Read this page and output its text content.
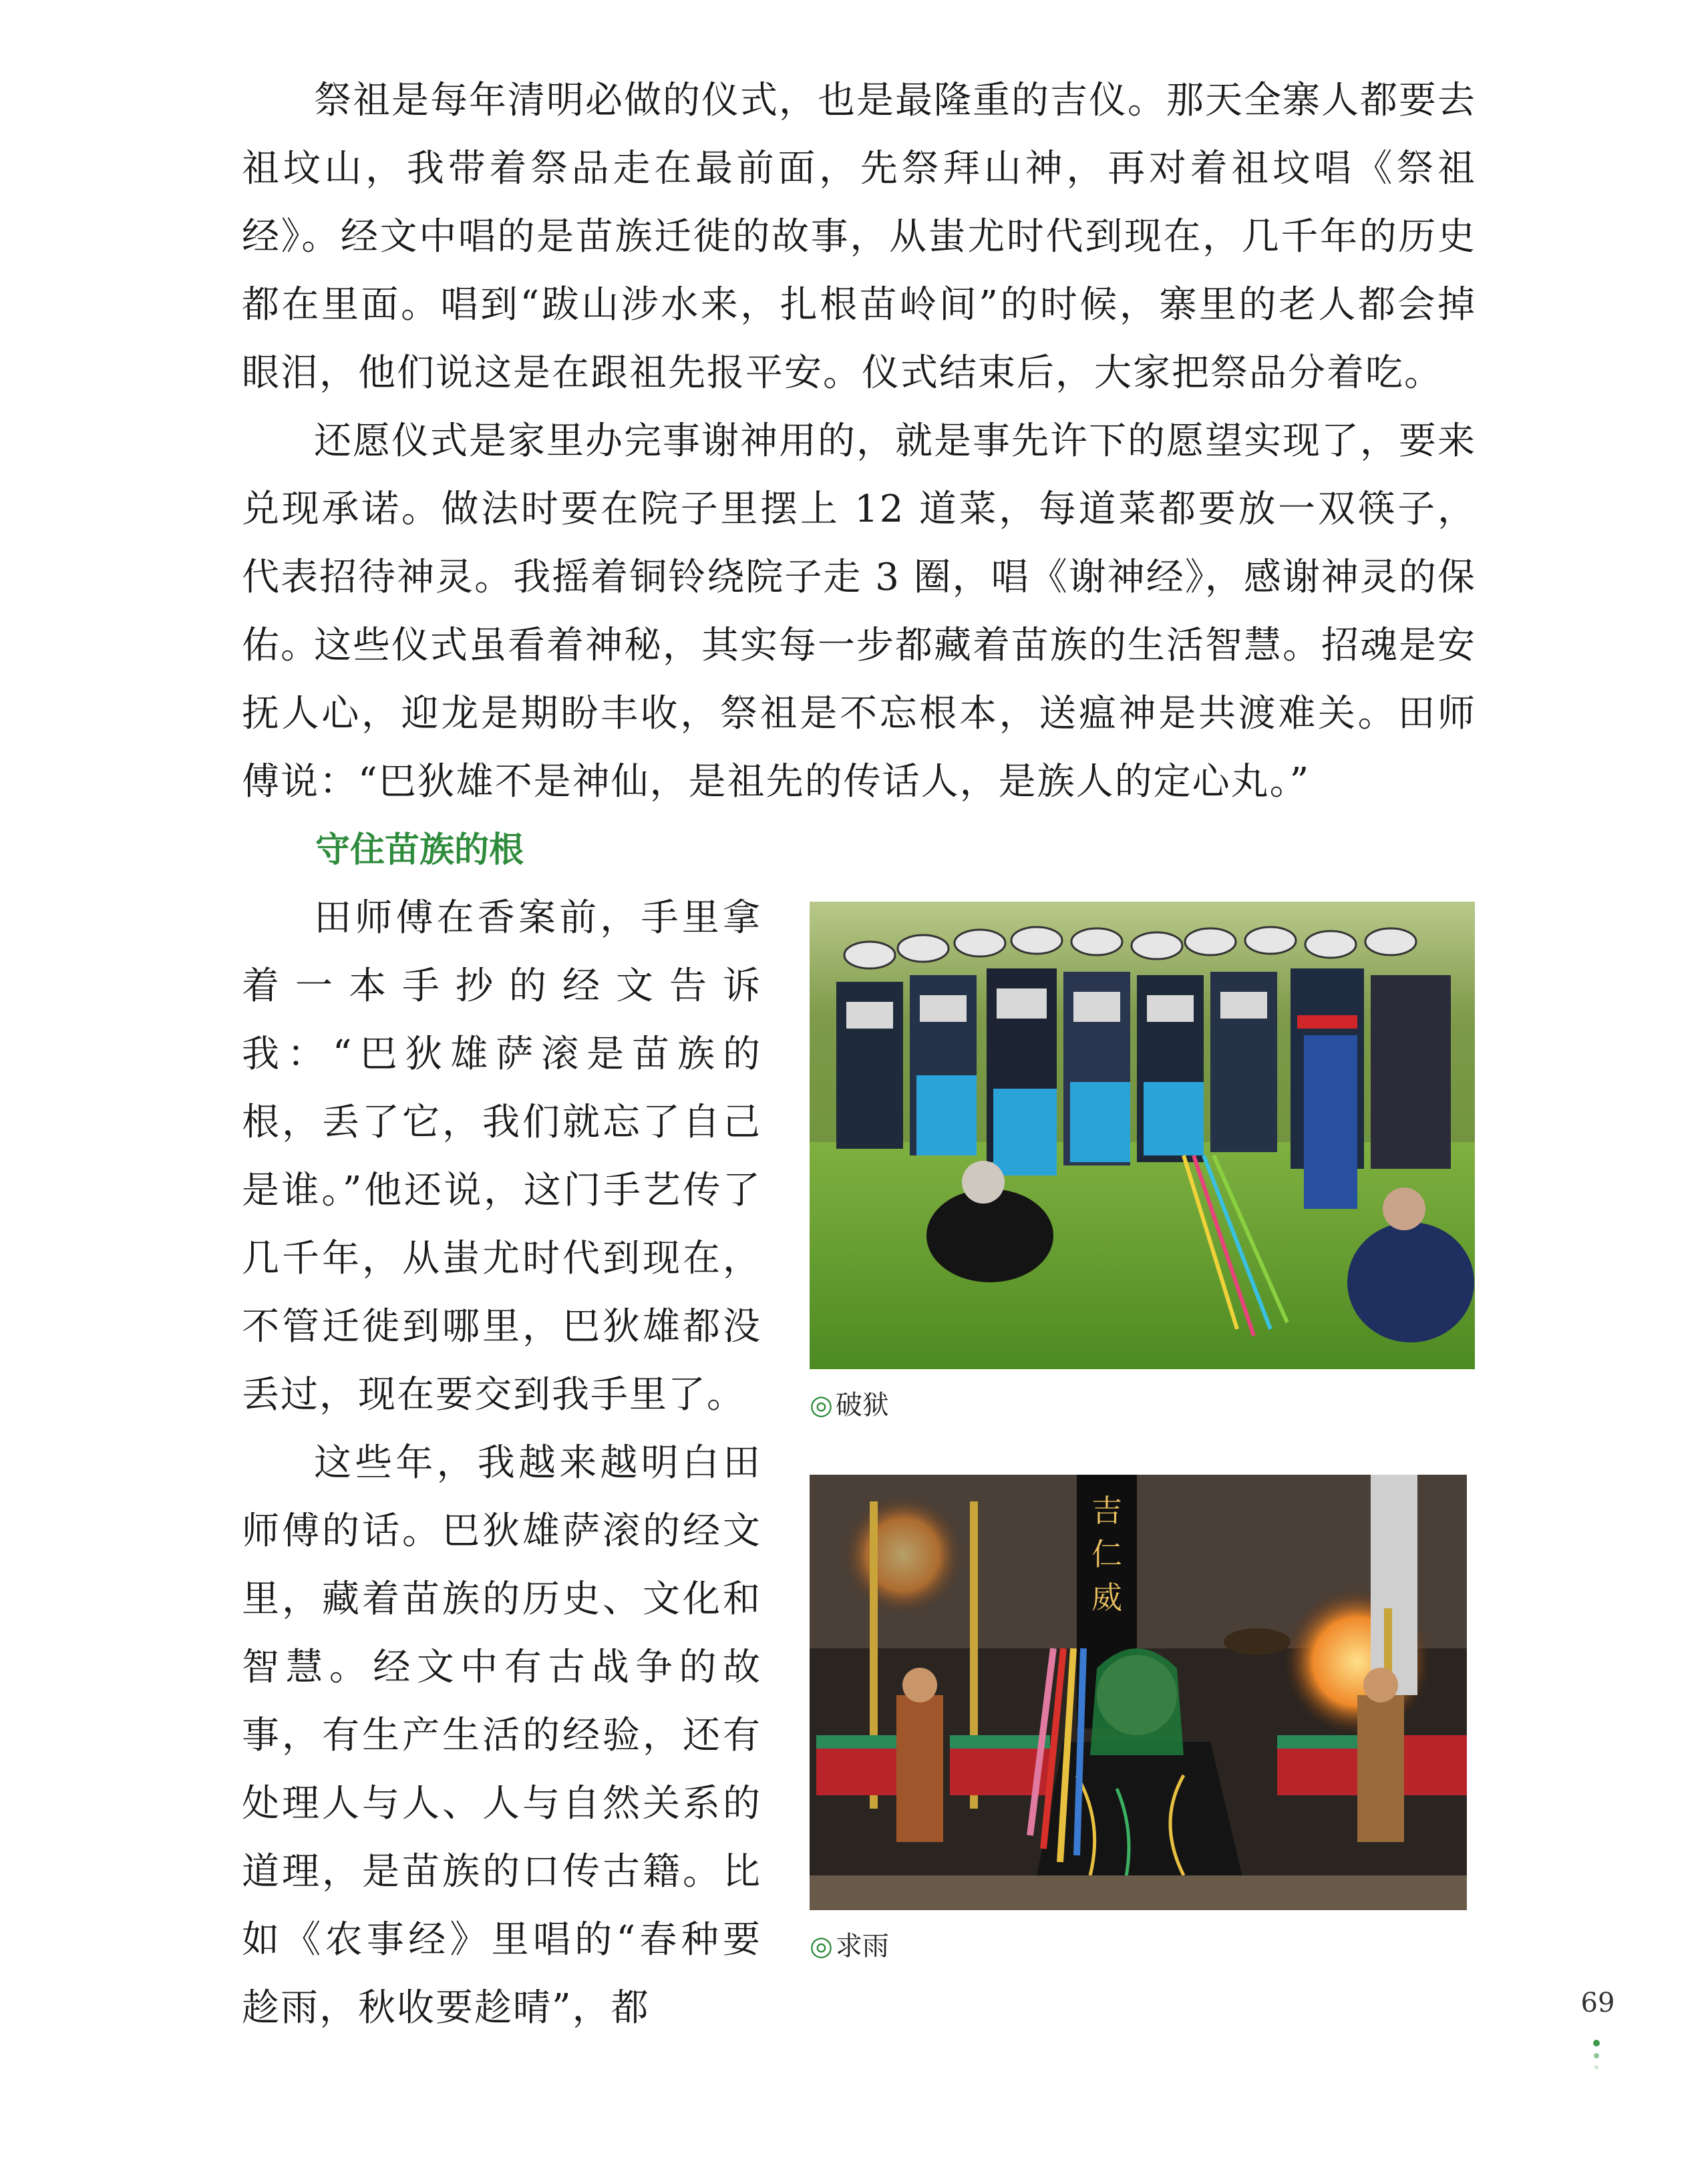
祭祖是每年清明必做的仪式，也是最隆重的吉仪。那天全寨人都要去祖坟山，我带着祭品走在最前面，先祭拜山神，再对着祖坟唱《祭祖经》。经文中唱的是苗族迁徙的故事，从蚩尤时代到现在，几千年的历史都在里面。唱到“跋山涉水来，扎根苗岭间”的时候，寨里的老人都会掉眼泪，他们说这是在跟祖先报平安。仪式结束后，大家把祭品分着吃。

还愿仪式是家里办完事谢神用的，就是事先许下的愿望实现了，要来兑现承诺。做法时要在院子里摆上 12 道菜，每道菜都要放一双筷子，代表招待神灵。我摇着铜铃绕院子走 3 圈，唱《谢神经》，感谢神灵的保佑。

这些仪式虽看着神秘，其实每一步都藏着苗族的生活智慧。招魂是安抚人心，迎龙是期盼丰收，祭祖是不忘根本，送瘟神是共渡难关。田师傅说：“巴狄雄不是神仙，是祖先的传话人，是族人的定心丸。”

守住苗族的根

田师傅在香案前，手里拿着一本手抄的经文告诉我：“巴狄雄萨滚是苗族的根，丢了它，我们就忘了自己是谁。”他还说，这门手艺传了几千年，从蚩尤时代到现在，不管迁徙到哪里，巴狄雄都没丢过，现在要交到我手里了。

这些年，我越来越明白田师傅的话。巴狄雄萨滚的经文里，藏着苗族的历史、文化和智慧。经文中有古战争的故事，有生产生活的经验，还有处理人与人、人与自然关系的道理，是苗族的口传古籍。比如《农事经》里唱的“春种要趁雨，秋收要趁晴”，都

◎ 破狱
吉
仁
威
◎ 求雨
69
